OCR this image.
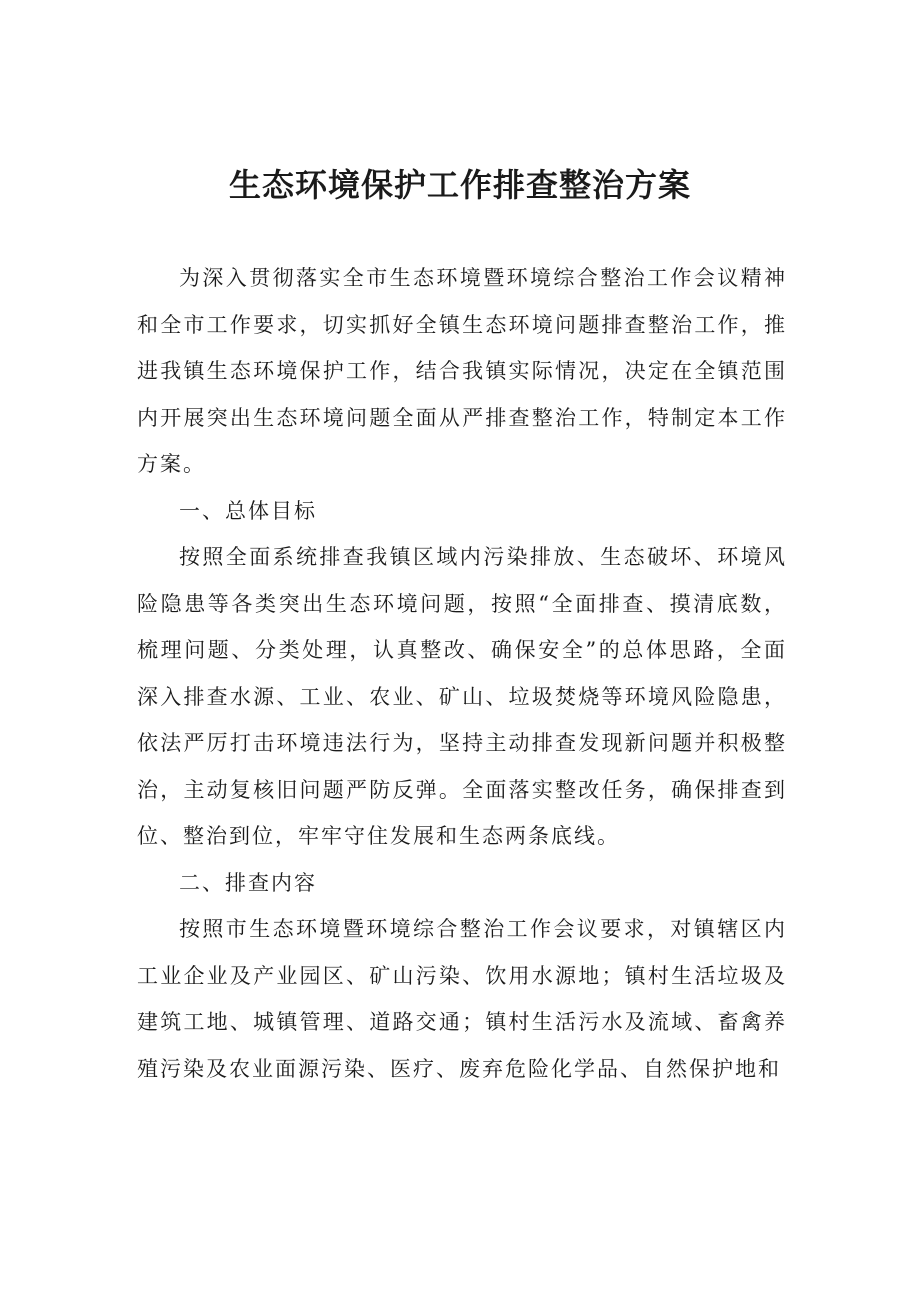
生态环境保护工作排查整治方案

为深入贯彻落实全市生态环境暨环境综合整治工作会议精神和全市工作要求，切实抓好全镇生态环境问题排查整治工作，推进我镇生态环境保护工作，结合我镇实际情况，决定在全镇范围内开展突出生态环境问题全面从严排查整治工作，特制定本工作方案。

一、总体目标

按照全面系统排查我镇区域内污染排放、生态破坏、环境风险隐患等各类突出生态环境问题，按照“全面排查、摸清底数，梳理问题、分类处理，认真整改、确保安全”的总体思路，全面深入排查水源、工业、农业、矿山、垃圾焚烧等环境风险隐患，依法严厉打击环境违法行为，坚持主动排查发现新问题并积极整治，主动复核旧问题严防反弹。全面落实整改任务，确保排查到位、整治到位，牢牢守住发展和生态两条底线。

二、排查内容

按照市生态环境暨环境综合整治工作会议要求，对镇辖区内工业企业及产业园区、矿山污染、饮用水源地；镇村生活垃圾及建筑工地、城镇管理、道路交通；镇村生活污水及流域、畜禽养殖污染及农业面源污染、医疗、废弃危险化学品、自然保护地和
